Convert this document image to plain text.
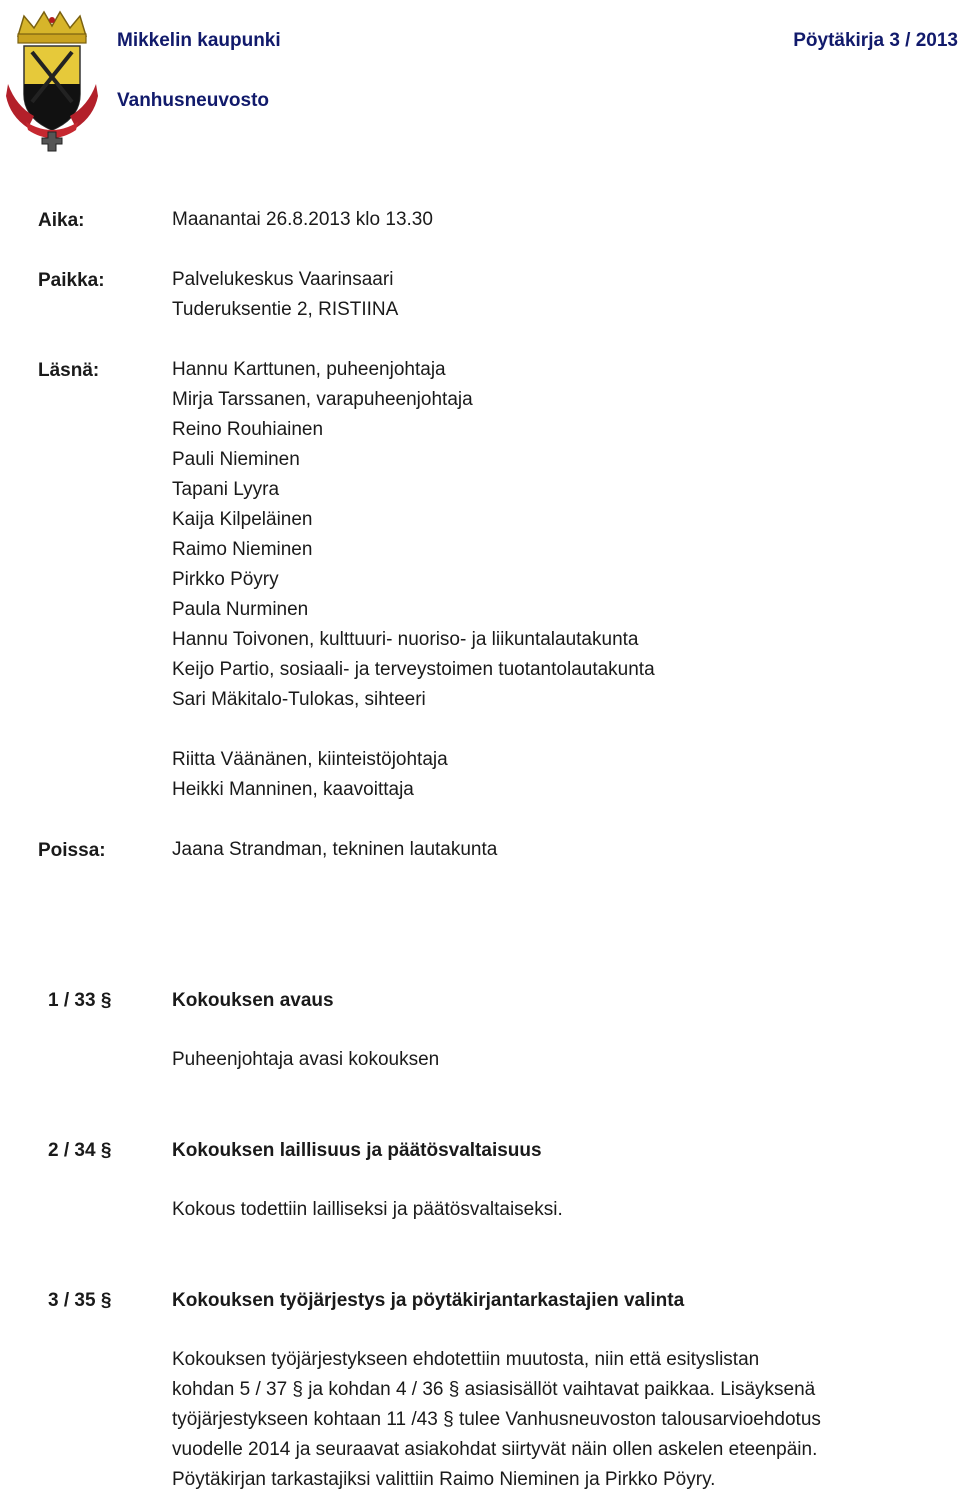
Mikkelin kaupunki	Pöytäkirja 3 / 2013
Vanhusneuvosto
Aika:	Maanantai 26.8.2013 klo 13.30
Paikka:	Palvelukeskus Vaarinsaari
Tuderuksentie 2, RISTIINA
Läsnä:	Hannu Karttunen, puheenjohtaja
Mirja Tarssanen, varapuheenjohtaja
Reino Rouhiainen
Pauli Nieminen
Tapani Lyyra
Kaija Kilpeläinen
Raimo Nieminen
Pirkko Pöyry
Paula Nurminen
Hannu Toivonen, kulttuuri- nuoriso- ja liikuntalautakunta
Keijo Partio, sosiaali- ja terveystoimen tuotantolautakunta
Sari Mäkitalo-Tulokas, sihteeri
Riitta Väänänen, kiinteistöjohtaja
Heikki Manninen, kaavoittaja
Poissa:	Jaana Strandman, tekninen lautakunta
1 / 33 §	Kokouksen avaus
Puheenjohtaja avasi kokouksen
2 / 34 §	Kokouksen laillisuus ja päätösvaltaisuus
Kokous todettiin lailliseksi ja päätösvaltaiseksi.
3 / 35 §	Kokouksen työjärjestys ja pöytäkirjantarkastajien valinta
Kokouksen työjärjestykseen ehdotettiin muutosta, niin että esityslistan
kohdan 5 / 37 § ja kohdan 4 / 36 § asiasisällöt vaihtavat paikkaa. Lisäyksenä
työjärjestykseen kohtaan 11 /43 § tulee Vanhusneuvoston talousarvioehdotus
vuodelle 2014 ja seuraavat asiakohdat siirtyvät näin ollen askelen eteenpäin.
Pöytäkirjan tarkastajiksi valittiin Raimo Nieminen ja Pirkko Pöyry.
